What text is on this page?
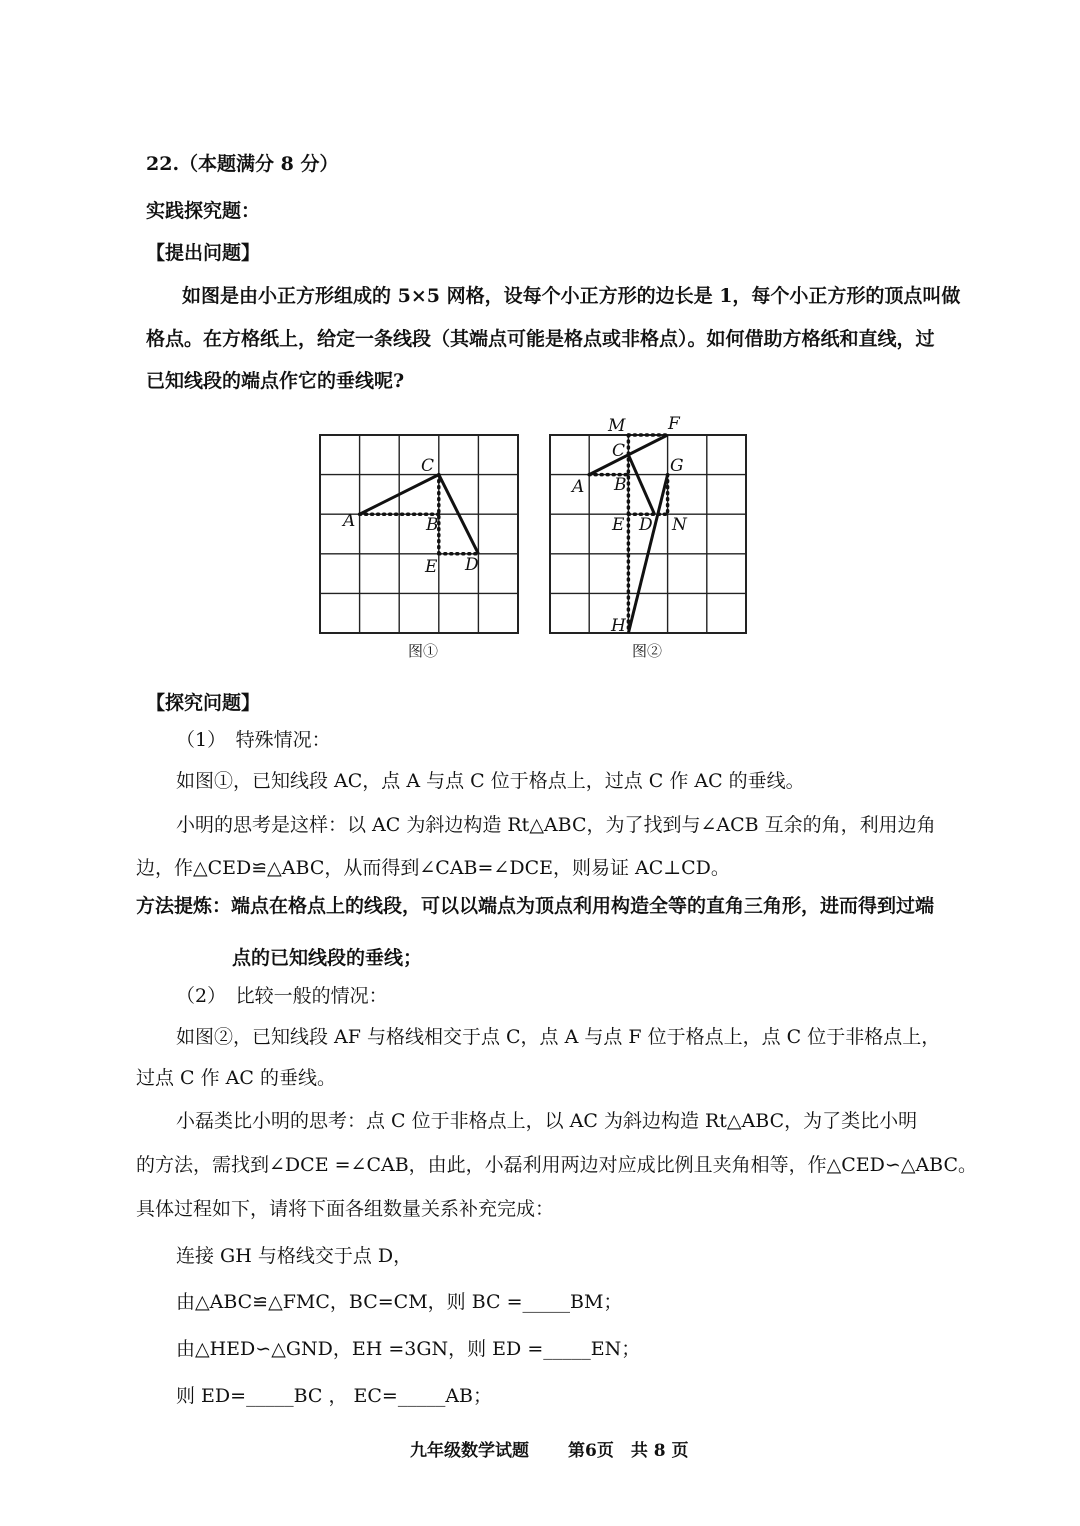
22.（本题满分 8 分）
实践探究题：
【提出问题】
如图是由小正方形组成的 5×5 网格，设每个小正方形的边长是 1，每个小正方形的顶点叫做
格点。在方格纸上，给定一条线段（其端点可能是格点或非格点）。如何借助方格纸和直线，过
已知线段的端点作它的垂线呢?
C
A	B
E D
图①
M	F
C
G
A B
E D N
H
图②
【探究问题】
（1）　特殊情况：
如图①，已知线段 AC，点 A 与点 C 位于格点上，过点 C 作 AC 的垂线。
小明的思考是这样：以 AC 为斜边构造 Rt△ABC，为了找到与∠ACB 互余的角，利用边角
边，作△CED≌△ABC，从而得到∠CAB=∠DCE，则易证 AC⊥CD。
方法提炼：端点在格点上的线段，可以以端点为顶点利用构造全等的直角三角形，进而得到过端
点的已知线段的垂线；
（2）　比较一般的情况：
如图②，已知线段 AF 与格线相交于点 C，点 A 与点 F 位于格点上，点 C 位于非格点上，
过点 C 作 AC 的垂线。
小磊类比小明的思考：点 C 位于非格点上，以 AC 为斜边构造 Rt△ABC，为了类比小明
的方法，需找到∠DCE =∠CAB，由此，小磊利用两边对应成比例且夹角相等，作△CED∽△ABC。
具体过程如下，请将下面各组数量关系补充完成：
连接 GH 与格线交于点 D，
由△ABC≌△FMC，BC=CM，则 BC =_____BM；
由△HED∽△GND，EH =3GN，则 ED =_____EN；
则 ED=_____BC ， EC=_____AB；
九年级数学试题 第6页　共 8 页
